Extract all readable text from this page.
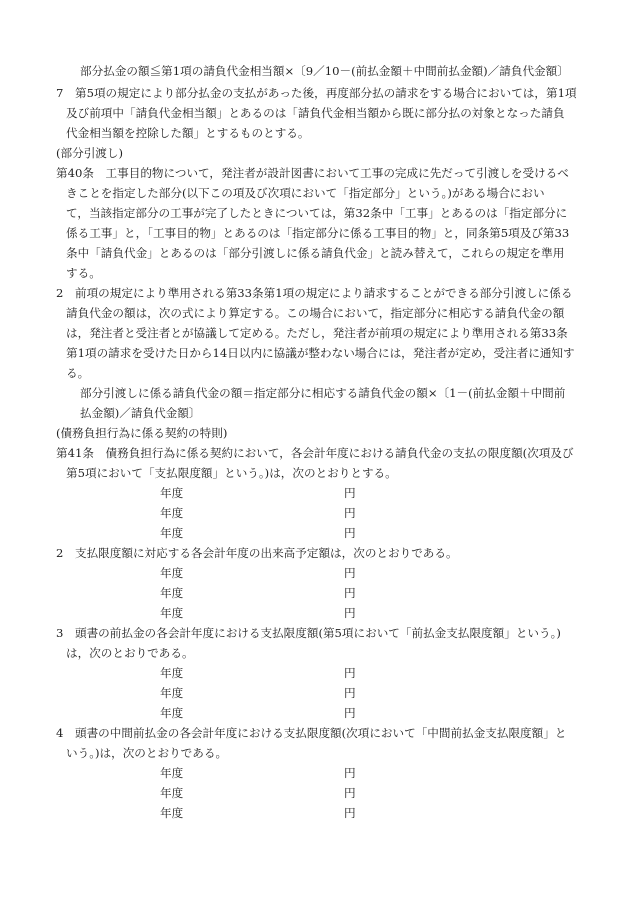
部分払金の額≦第1項の請負代金相当額×〔9／10－(前払金額＋中間前払金額)／請負代金額〕
7　第5項の規定により部分払金の支払があった後，再度部分払の請求をする場合においては，第1項
及び前項中「請負代金相当額」とあるのは「請負代金相当額から既に部分払の対象となった請負
代金相当額を控除した額」とするものとする。
(部分引渡し)
第40条　工事目的物について，発注者が設計図書において工事の完成に先だって引渡しを受けるべ
きことを指定した部分(以下この項及び次項において「指定部分」という。)がある場合におい
て，当該指定部分の工事が完了したときについては，第32条中「工事」とあるのは「指定部分に
係る工事」と，「工事目的物」とあるのは「指定部分に係る工事目的物」と，同条第5項及び第33
条中「請負代金」とあるのは「部分引渡しに係る請負代金」と読み替えて，これらの規定を準用
する。
2　前項の規定により準用される第33条第1項の規定により請求することができる部分引渡しに係る
請負代金の額は，次の式により算定する。この場合において，指定部分に相応する請負代金の額
は，発注者と受注者とが協議して定める。ただし，発注者が前項の規定により準用される第33条
第1項の請求を受けた日から14日以内に協議が整わない場合には，発注者が定め，受注者に通知す
る。
部分引渡しに係る請負代金の額＝指定部分に相応する請負代金の額×〔1－(前払金額＋中間前
払金額)／請負代金額〕
(債務負担行為に係る契約の特則)
第41条　債務負担行為に係る契約において，各会計年度における請負代金の支払の限度額(次項及び
第5項において「支払限度額」という。)は，次のとおりとする。
年度	円
年度	円
年度	円
2　支払限度額に対応する各会計年度の出来高予定額は，次のとおりである。
年度	円
年度	円
年度	円
3　頭書の前払金の各会計年度における支払限度額(第5項において「前払金支払限度額」という。)
は，次のとおりである。
年度	円
年度	円
年度	円
4　頭書の中間前払金の各会計年度における支払限度額(次項において「中間前払金支払限度額」と
いう。)は，次のとおりである。
年度	円
年度	円
年度	円
